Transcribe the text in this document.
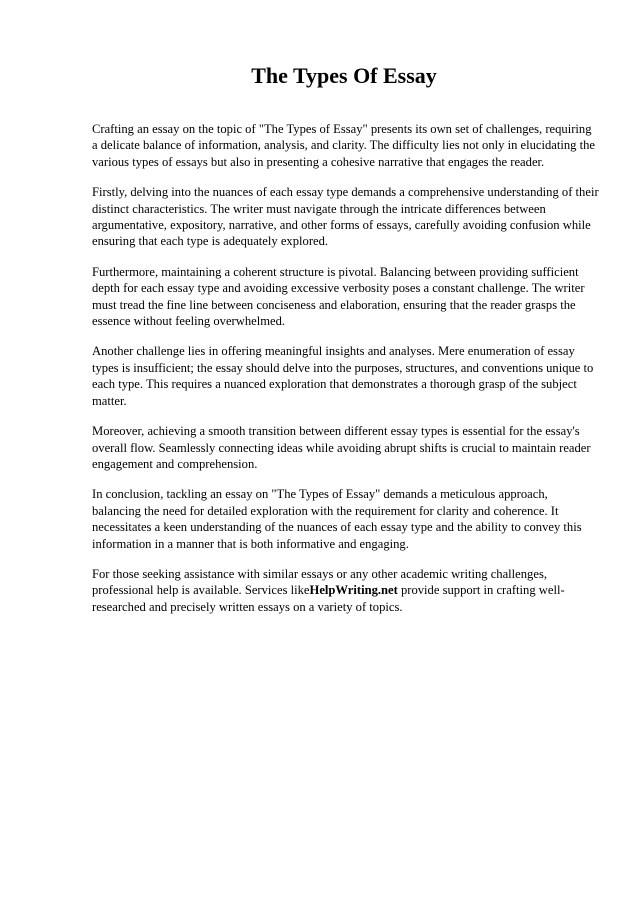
The Types Of Essay

Crafting an essay on the topic of "The Types of Essay" presents its own set of challenges, requiring a delicate balance of information, analysis, and clarity. The difficulty lies not only in elucidating the various types of essays but also in presenting a cohesive narrative that engages the reader.

Firstly, delving into the nuances of each essay type demands a comprehensive understanding of their distinct characteristics. The writer must navigate through the intricate differences between argumentative, expository, narrative, and other forms of essays, carefully avoiding confusion while ensuring that each type is adequately explored.

Furthermore, maintaining a coherent structure is pivotal. Balancing between providing sufficient depth for each essay type and avoiding excessive verbosity poses a constant challenge. The writer must tread the fine line between conciseness and elaboration, ensuring that the reader grasps the essence without feeling overwhelmed.

Another challenge lies in offering meaningful insights and analyses. Mere enumeration of essay types is insufficient; the essay should delve into the purposes, structures, and conventions unique to each type. This requires a nuanced exploration that demonstrates a thorough grasp of the subject matter.

Moreover, achieving a smooth transition between different essay types is essential for the essay's overall flow. Seamlessly connecting ideas while avoiding abrupt shifts is crucial to maintain reader engagement and comprehension.

In conclusion, tackling an essay on "The Types of Essay" demands a meticulous approach, balancing the need for detailed exploration with the requirement for clarity and coherence. It necessitates a keen understanding of the nuances of each essay type and the ability to convey this information in a manner that is both informative and engaging.

For those seeking assistance with similar essays or any other academic writing challenges, professional help is available. Services likeHelpWriting.net provide support in crafting well-researched and precisely written essays on a variety of topics.
